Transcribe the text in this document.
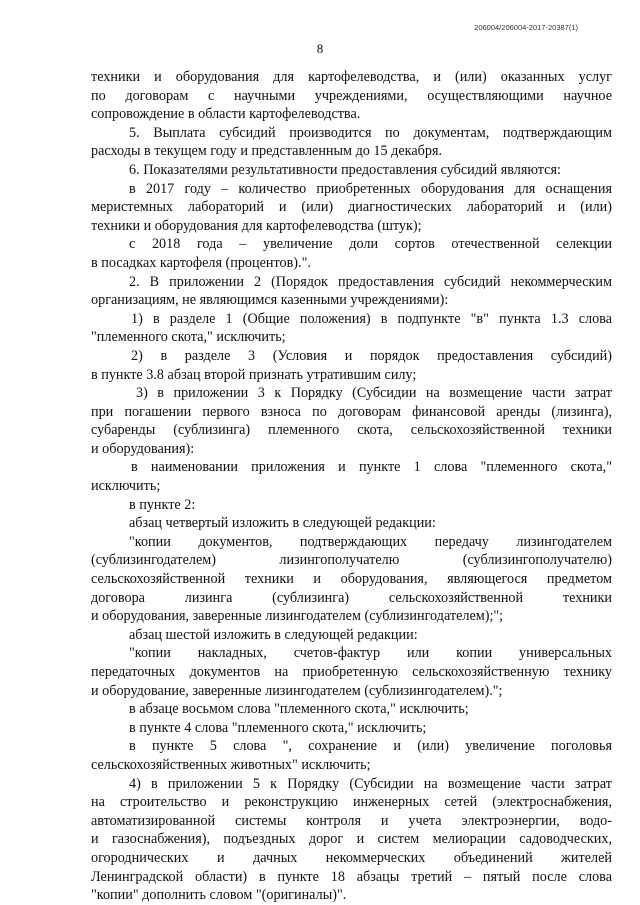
206004/206004-2017-20387(1)
8
техники и оборудования для картофелеводства, и (или) оказанных услуг
по договорам с научными учреждениями, осуществляющими научное
сопровождение в области картофелеводства.
5. Выплата субсидий производится по документам, подтверждающим
расходы в текущем году и представленным до 15 декабря.
6. Показателями результативности предоставления субсидий являются:
в 2017 году – количество приобретенных оборудования для оснащения
меристемных лабораторий и (или) диагностических лабораторий и (или)
техники и оборудования для картофелеводства (штук);
с 2018 года – увеличение доли сортов отечественной селекции
в посадках картофеля (процентов).".
2. В приложении 2 (Порядок предоставления субсидий некоммерческим
организациям, не являющимся казенными учреждениями):
1) в разделе 1 (Общие положения) в подпункте "в" пункта 1.3 слова
"племенного скота," исключить;
2) в разделе 3 (Условия и порядок предоставления субсидий)
в пункте 3.8 абзац второй признать утратившим силу;
3) в приложении 3 к Порядку (Субсидии на возмещение части затрат
при погашении первого взноса по договорам финансовой аренды (лизинга),
субаренды (сублизинга) племенного скота, сельскохозяйственной техники
и оборудования):
в наименовании приложения и пункте 1 слова "племенного скота,"
исключить;
в пункте 2:
абзац четвертый изложить в следующей редакции:
"копии документов, подтверждающих передачу лизингодателем
(сублизингодателем) лизингополучателю (сублизингополучателю)
сельскохозяйственной техники и оборудования, являющегося предметом
договора лизинга (сублизинга) сельскохозяйственной техники
и оборудования, заверенные лизингодателем (сублизингодателем);";
абзац шестой изложить в следующей редакции:
"копии накладных, счетов-фактур или копии универсальных
передаточных документов на приобретенную сельскохозяйственную технику
и оборудование, заверенные лизингодателем (сублизингодателем).";
в абзаце восьмом слова "племенного скота," исключить;
в пункте 4 слова "племенного скота," исключить;
в пункте 5 слова ", сохранение и (или) увеличение поголовья
сельскохозяйственных животных" исключить;
4) в приложении 5 к Порядку (Субсидии на возмещение части затрат
на строительство и реконструкцию инженерных сетей (электроснабжения,
автоматизированной системы контроля и учета электроэнергии, водо-
и газоснабжения), подъездных дорог и систем мелиорации садоводческих,
огороднических и дачных некоммерческих объединений жителей
Ленинградской области) в пункте 18 абзацы третий – пятый после слова
"копии" дополнить словом "(оригиналы)".
